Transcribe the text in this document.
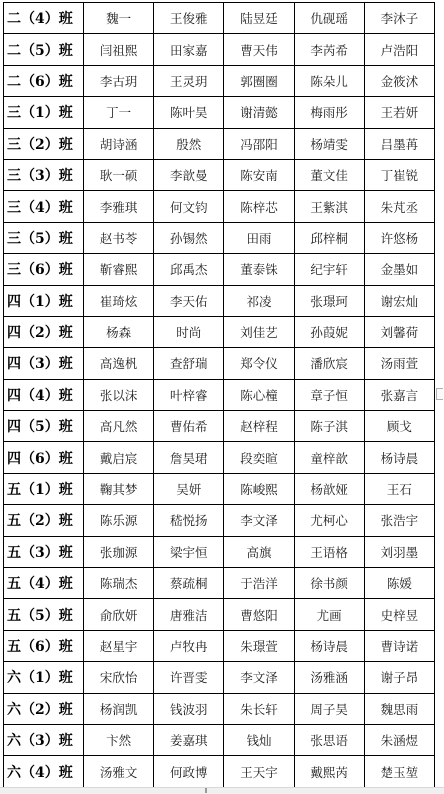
二（4）班	魏一	王俊雅	陆昱廷	仇砚瑶	李沐子
二（5）班	闫祖熙	田家嘉	曹天伟	李芮希	卢浩阳
二（6）班	李古玥	王灵玥	郭圈圈	陈朵儿	金筱沭
三（1）班	丁一	陈叶昊	谢清懿	梅雨彤	王若妍
三（2）班	胡诗涵	殷然	冯邵阳	杨靖雯	吕墨苒
三（3）班	耿一硕	李歆曼	陈安南	董文佳	丁崔锐
三（4）班	李雅琪	何文钧	陈梓芯	王紫淇	朱芃丞
三（5）班	赵书苓	孙锡然	田雨	邱梓桐	许悠杨
三（6）班	靳睿熙	邱禹杰	董泰铢	纪宇轩	金墨如
四（1）班	崔琦炫	李天佑	祁凌	张璟珂	谢宏灿
四（2）班	杨森	时尚	刘佳艺	孙葭妮	刘馨荷
四（3）班	高逸杋	查舒瑞	郑令仪	潘欣宸	汤雨萱
四（4）班	张以沫	叶梓睿	陈心橦	章子恒	张嘉言
四（5）班	高凡然	曹佑希	赵梓程	陈子淇	顾戈
四（6）班	戴启宸	詹昊珺	段奕暄	童梓歆	杨诗晨
五（1）班	鞠其梦	吴妍	陈峻熙	杨歆娅	王石
五（2）班	陈乐源	嵇悦扬	李文泽	尤柯心	张浩宇
五（3）班	张珈源	梁宇恒	高旗	王语格	刘羽墨
五（4）班	陈瑞杰	蔡疏桐	于浩洋	徐书颜	陈媛
五（5）班	俞欣妍	唐雅洁	曹悠阳	尤画	史梓昱
五（6）班	赵星宇	卢牧冉	朱璟萱	杨诗晨	曹诗诺
六（1）班	宋欣怡	许晋雯	李文泽	汤雅涵	谢子昂
六（2）班	杨润凯	钱波羽	朱长轩	周子昊	魏思雨
六（3）班	卞然	姜嘉琪	钱灿	张思语	朱涵煜
六（4）班	汤雅文	何政博	王天宇	戴熙芮	楚玉堃
